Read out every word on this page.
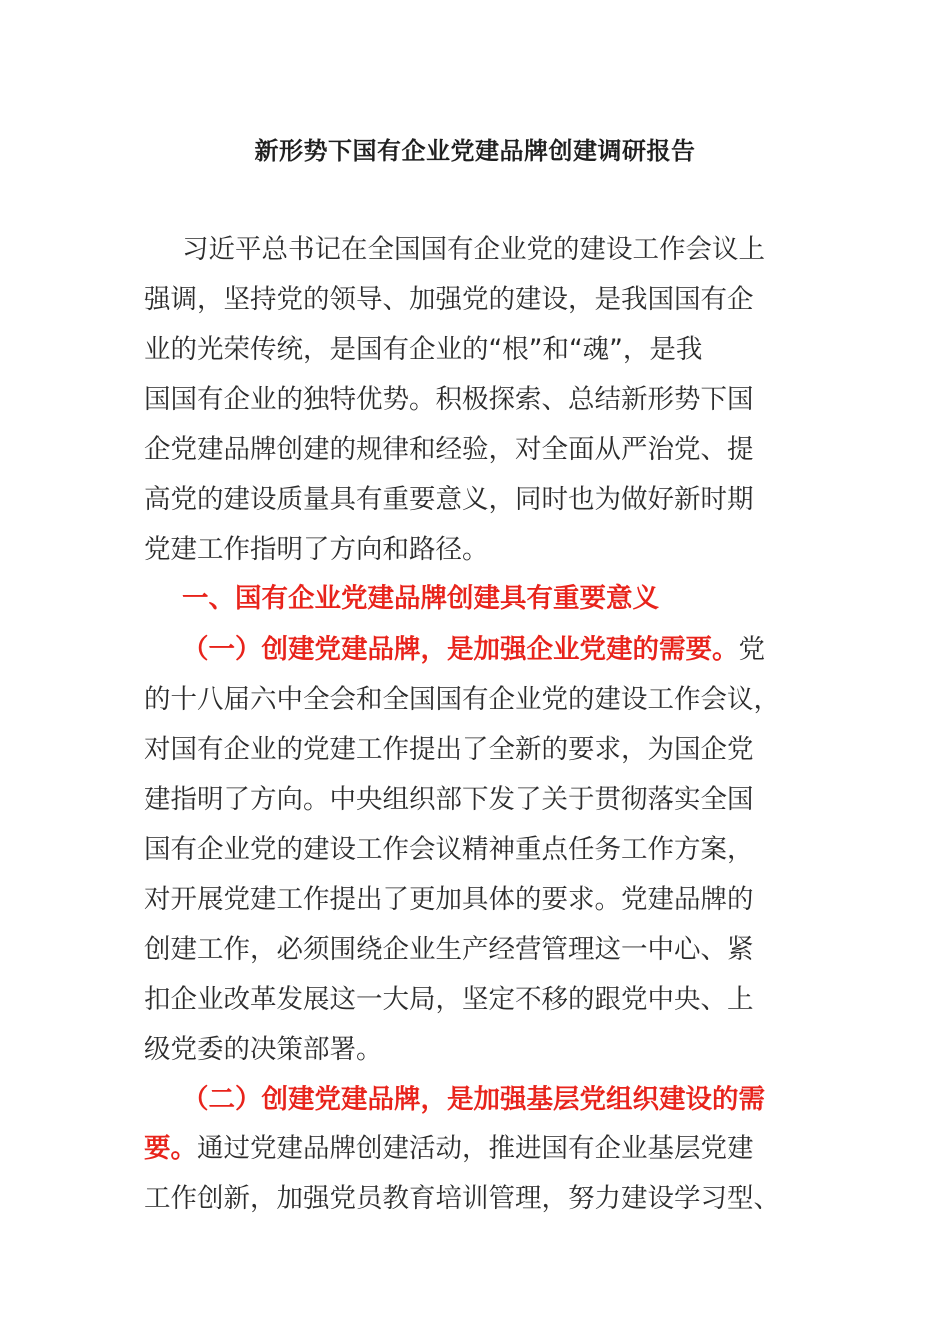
新形势下国有企业党建品牌创建调研报告
习近平总书记在全国国有企业党的建设工作会议上
强调，坚持党的领导、加强党的建设，是我国国有企
业的光荣传统，是国有企业的“根”和“魂”，是我
国国有企业的独特优势。积极探索、总结新形势下国
企党建品牌创建的规律和经验，对全面从严治党、提
高党的建设质量具有重要意义，同时也为做好新时期
党建工作指明了方向和路径。
一、国有企业党建品牌创建具有重要意义
（一）创建党建品牌，是加强企业党建的需要。党
的十八届六中全会和全国国有企业党的建设工作会议，
对国有企业的党建工作提出了全新的要求，为国企党
建指明了方向。中央组织部下发了关于贯彻落实全国
国有企业党的建设工作会议精神重点任务工作方案，
对开展党建工作提出了更加具体的要求。党建品牌的
创建工作，必须围绕企业生产经营管理这一中心、紧
扣企业改革发展这一大局，坚定不移的跟党中央、上
级党委的决策部署。
（二）创建党建品牌，是加强基层党组织建设的需
要。通过党建品牌创建活动，推进国有企业基层党建
工作创新，加强党员教育培训管理，努力建设学习型、
